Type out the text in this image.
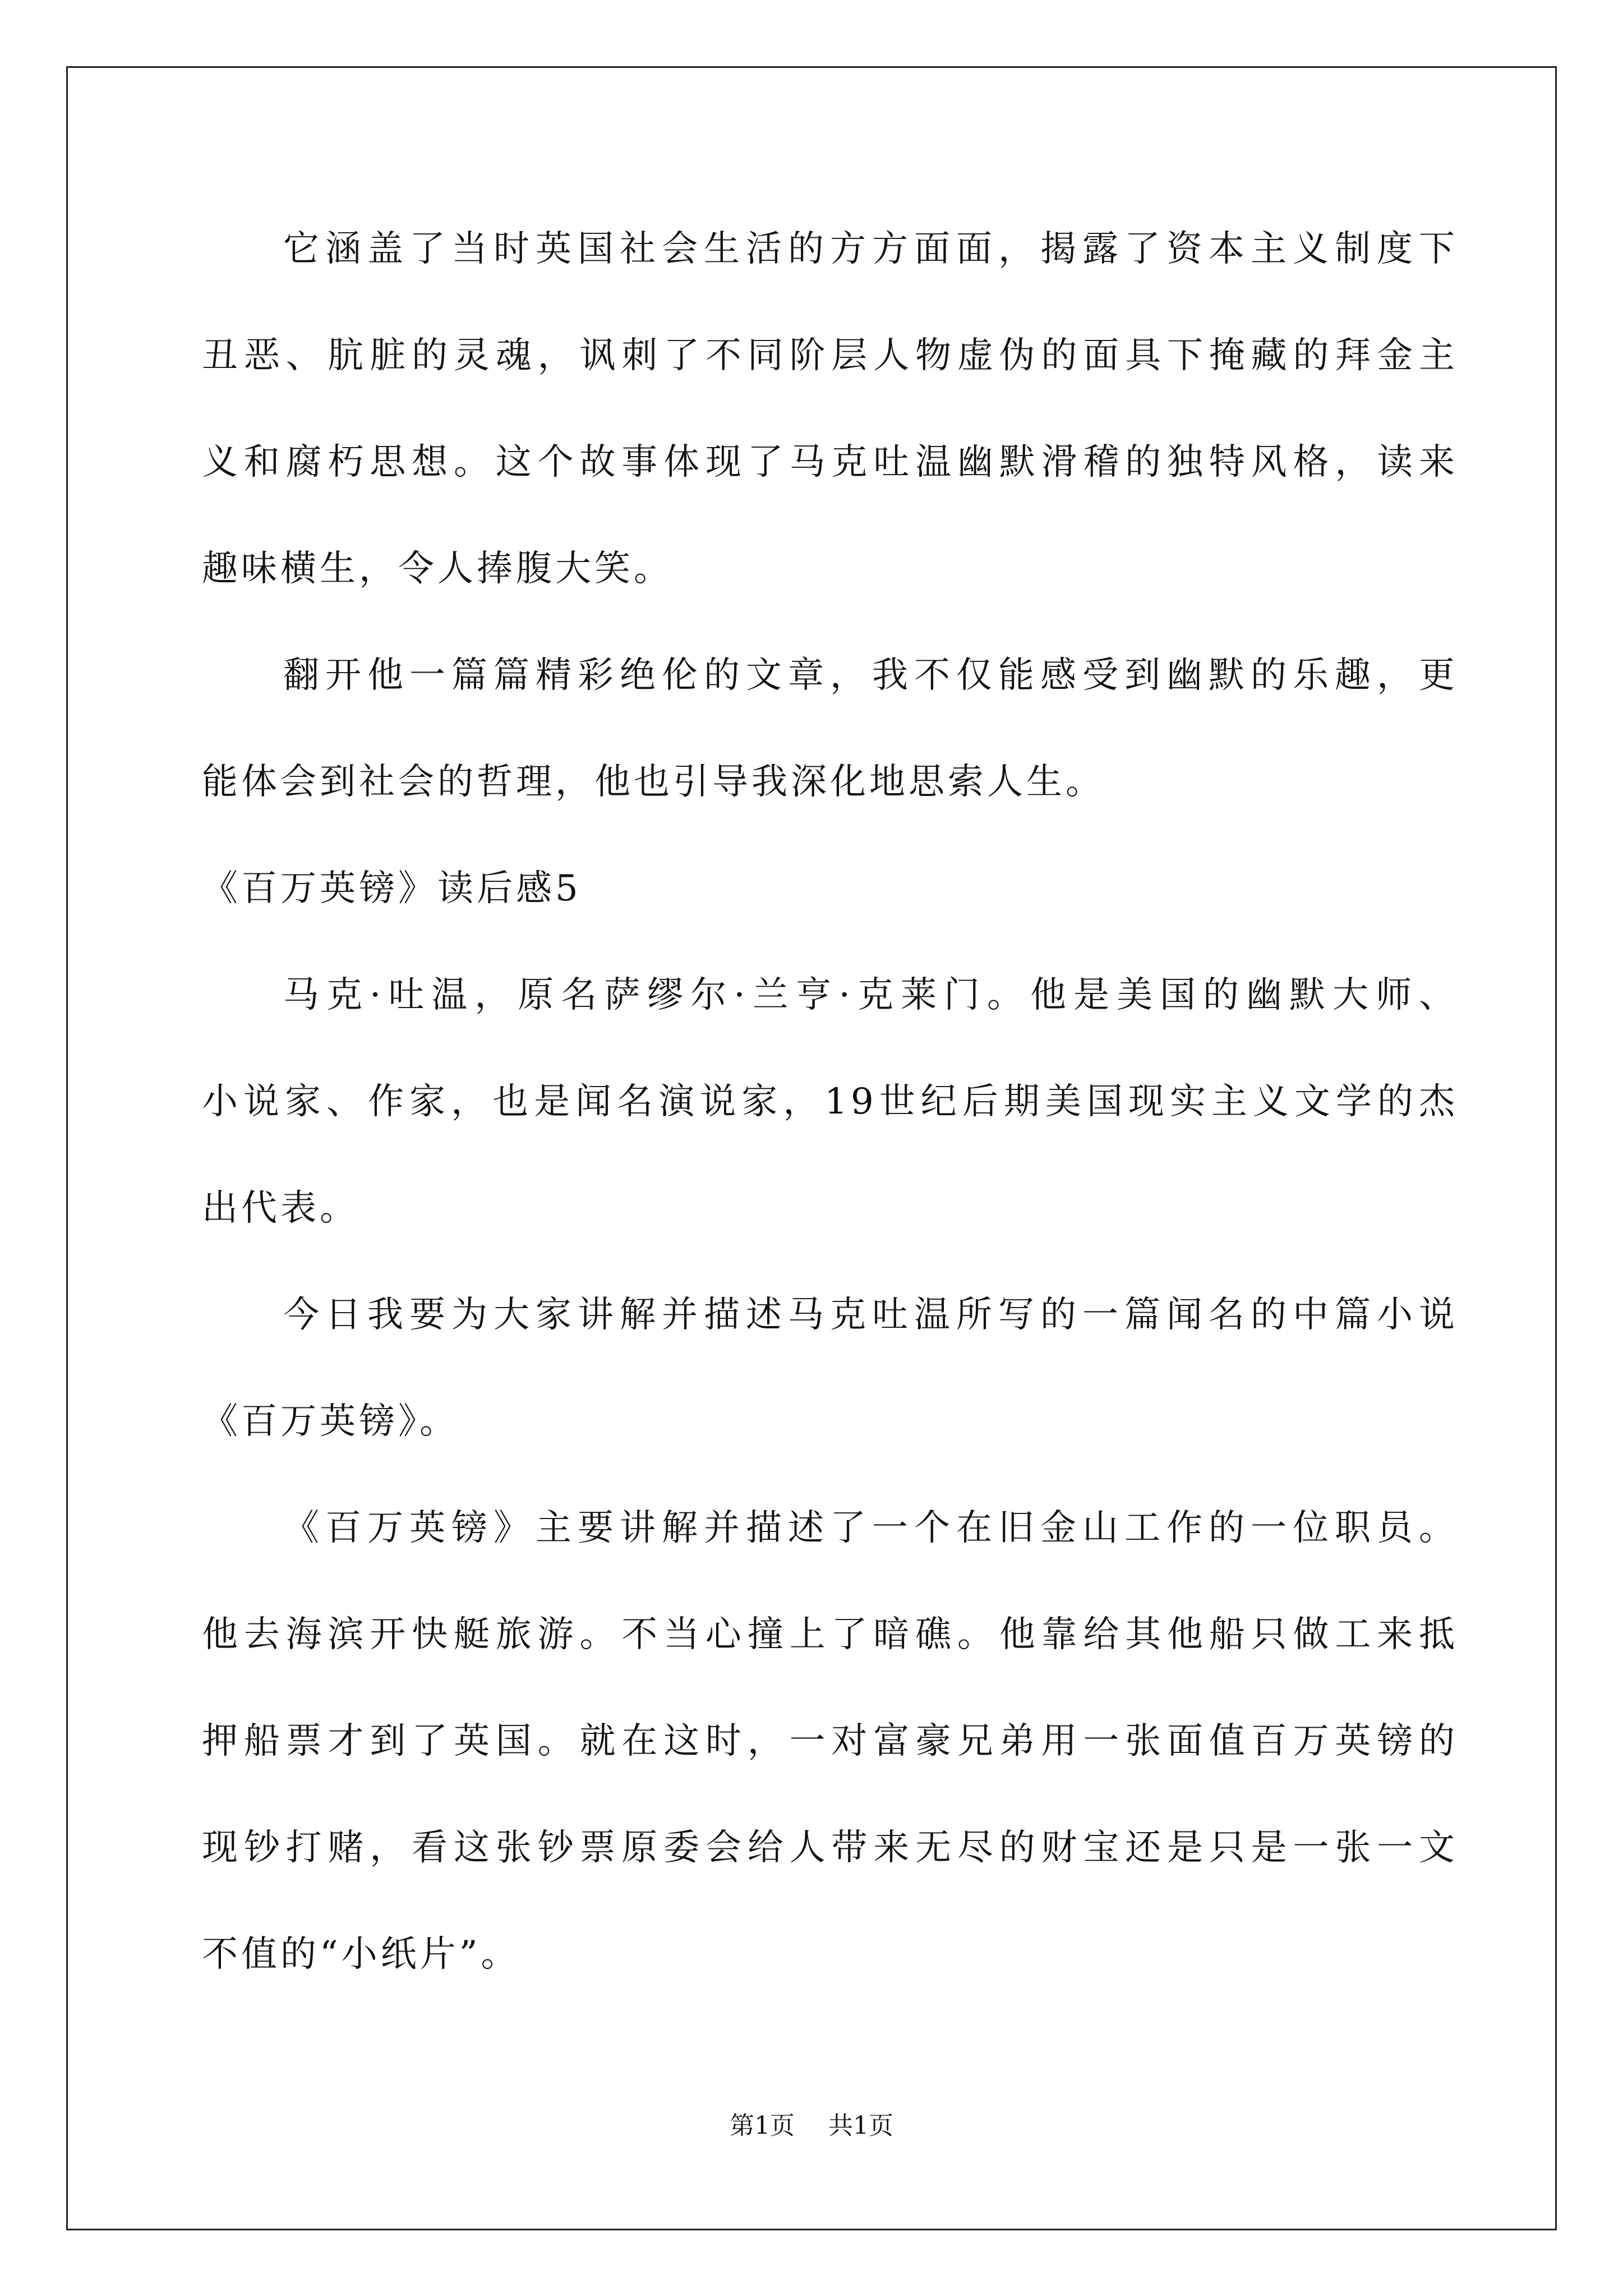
它涵盖了当时英国社会生活的方方面面，揭露了资本主义制度下
丑恶、肮脏的灵魂，讽刺了不同阶层人物虚伪的面具下掩藏的拜金主
义和腐朽思想。这个故事体现了马克吐温幽默滑稽的独特风格，读来
趣味横生，令人捧腹大笑。
翻开他一篇篇精彩绝伦的文章，我不仅能感受到幽默的乐趣，更
能体会到社会的哲理，他也引导我深化地思索人生。
《百万英镑》读后感5
马克·吐温，原名萨缪尔·兰亨·克莱门。他是美国的幽默大师、
小说家、作家，也是闻名演说家，19世纪后期美国现实主义文学的杰
出代表。
今日我要为大家讲解并描述马克吐温所写的一篇闻名的中篇小说
《百万英镑》。
《百万英镑》主要讲解并描述了一个在旧金山工作的一位职员。
他去海滨开快艇旅游。不当心撞上了暗礁。他靠给其他船只做工来抵
押船票才到了英国。就在这时，一对富豪兄弟用一张面值百万英镑的
现钞打赌，看这张钞票原委会给人带来无尽的财宝还是只是一张一文
不值的“小纸片”。
第1页 共1页
